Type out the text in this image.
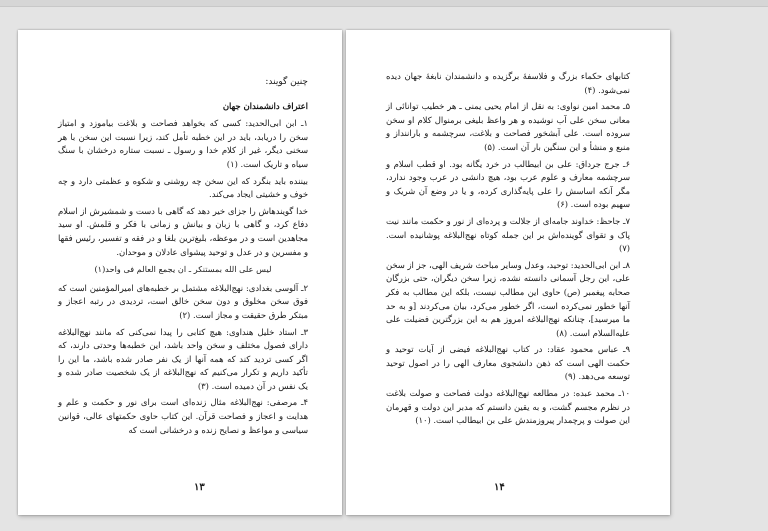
چنین گویند:

اعتراف دانشمندان جهان

۱ـ ابن ابی‌الحدید: کسی که بخواهد فصاحت و بلاغت بیاموزد و امتیاز سخن را دریابد، باید در این خطبه تأمل کند، زیرا نسبت این سخن با هر سخنی دیگر، غیر از کلام خدا و رسول ـ نسبت ستاره درخشان با سنگ سیاه و تاریک است. (۱)

بیننده باید بنگرد که این سخن چه روشنی و شکوه و عظمتی دارد و چه خوف و خشیتی ایجاد می‌کند.

خدا گویندهاش را جزای خیر دهد که گاهی با دست و شمشیرش از اسلام دفاع کرد، و گاهی با زبان و بیانش و زمانی با فکر و قلمش. او سید مجاهدین است و در موعظه، بلیغ‌ترین بلغا و در فقه و تفسیر، رئیس فقها و مفسرین و در عدل و توحید پیشوای عادلان و موحدان.

لیس علی الله بمستنکر ـ ان یجمع العالم فی واحد(۱)

۲ـ آلوسی بغدادی: نهج‌البلاغه مشتمل بر خطبه‌های امیرالمؤمنین است که فوق سخن مخلوق و دون سخن خالق است، تردیدی در رتبه اعجاز و مبتکر طرق حقیقت و مجاز است. (۲)

۳ـ استاد خلیل هنداوی: هیچ کتابی را پیدا نمی‌کنی که مانند نهج‌البلاغه دارای فصول مختلف و سخن واحد باشد، این خطبه‌ها وحدتی دارند، که اگر کسی تردید کند که همه آنها از یک نفر صادر شده باشد، ما این را تأکید داریم و تکرار می‌کنیم که نهج‌البلاغه از یک شخصیت صادر شده و یک نفس در آن دمیده است. (۳)

۴ـ مرصفی: نهج‌البلاغه مثال زنده‌ای است برای نور و حکمت و علم و هدایت و اعجاز و فصاحت قرآن. این کتاب حاوی حکمتهای عالی، قوانین سیاسی و مواعظ و نصایح زنده و درخشانی است که

۱۳

کتابهای حکماء بزرگ و فلاسفهٔ برگزیده و دانشمندان نابغهٔ جهان دیده نمی‌شود. (۴)

۵ـ محمد امین نواوی: به نقل از امام یحیی یمنی ـ هر خطیب توانائی از معانی سخن علی آب نوشیده و هر واعظ بلیغی برمنوال کلام او سخن سروده است. علی آبشخور فصاحت و بلاغت، سرچشمه و باراننداز و منبع و منشأ و این سنگین بار آن است. (۵)

۶ـ جرج جرداق: علی بن ابیطالب در خرد یگانه بود. او قطب اسلام و سرچشمه معارف و علوم عرب بود، هیچ دانشی در عرب وجود ندارد، مگر آنکه اساسش را علی پایه‌گذاری کرده، و یا در وضع آن شریک و سهیم بوده است. (۶)

۷ـ جاحظ: خداوند جامه‌ای از جلالت و پرده‌ای از نور و حکمت مانند نیت پاک و تقوای گوینده‌اش بر این جمله کوتاه نهج‌البلاغه پوشانیده است. (۷)

۸ـ ابن ابی‌الحدید: توحید، وعدل وسایر مباحث شریف الهی، جز از سخن علی، این رجل آسمانی دانسته نشده، زیرا سخن دیگران، حتی بزرگان صحابه پیغمبر (ص) حاوی این مطالب نیست، بلکه این مطالب به فکر آنها خطور نمی‌کرده است، اگر خطور می‌کرد، بیان می‌کردند [و به حد ما میرسید]، چنانکه نهج‌البلاغه امروز هم به این بزرگترین فضیلت علی علیه‌السلام است. (۸)

۹ـ عباس محمود عقاد: در کتاب نهج‌البلاغه فیضی از آیات توحید و حکمت الهی است که ذهن دانشجوی معارف الهی را در اصول توحید توسعه می‌دهد. (۹)

۱۰ـ محمد عبده: در مطالعه نهج‌البلاغه دولت فصاحت و صولت بلاغت در نظرم مجسم گشت، و به یقین دانستم که مدبر این دولت و قهرمان این صولت و پرچمدار پیروزمندش علی بن ابیطالب است. (۱۰)

۱۴
